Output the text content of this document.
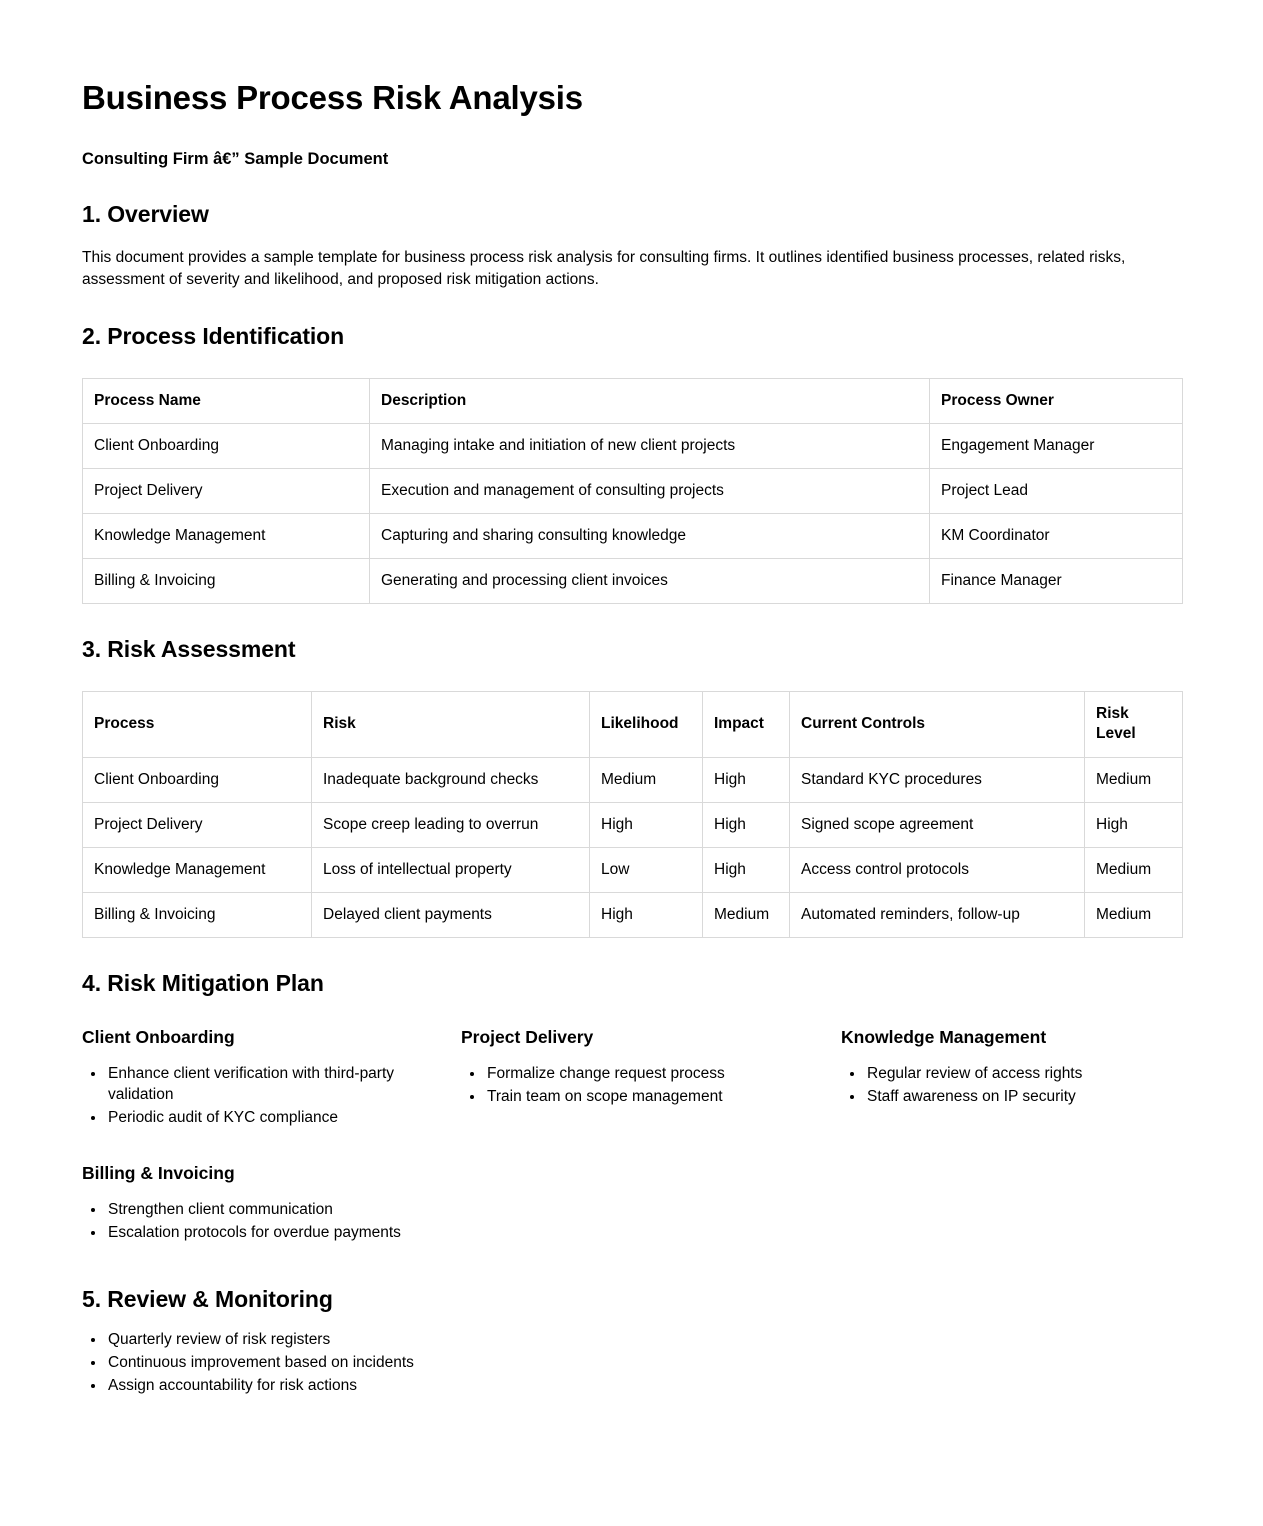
Business Process Risk Analysis
Consulting Firm â€” Sample Document
1. Overview

This document provides a sample template for business process risk analysis for consulting firms. It outlines identified business processes, related risks, assessment of severity and likelihood, and proposed risk mitigation actions.

2. Process Identification
Process Name	Description	Process Owner
Client Onboarding	Managing intake and initiation of new client projects	Engagement Manager
Project Delivery	Execution and management of consulting projects	Project Lead
Knowledge Management	Capturing and sharing consulting knowledge	KM Coordinator
Billing & Invoicing	Generating and processing client invoices	Finance Manager
3. Risk Assessment
Process	Risk	Likelihood	Impact	Current Controls	Risk Level
Client Onboarding	Inadequate background checks	Medium	High	Standard KYC procedures	Medium
Project Delivery	Scope creep leading to overrun	High	High	Signed scope agreement	High
Knowledge Management	Loss of intellectual property	Low	High	Access control protocols	Medium
Billing & Invoicing	Delayed client payments	High	Medium	Automated reminders, follow-up	Medium
4. Risk Mitigation Plan
Client Onboarding
• Enhance client verification with third-party validation
• Periodic audit of KYC compliance
Project Delivery
• Formalize change request process
• Train team on scope management
Knowledge Management
• Regular review of access rights
• Staff awareness on IP security
Billing & Invoicing
• Strengthen client communication
• Escalation protocols for overdue payments
5. Review & Monitoring
• Quarterly review of risk registers
• Continuous improvement based on incidents
• Assign accountability for risk actions
